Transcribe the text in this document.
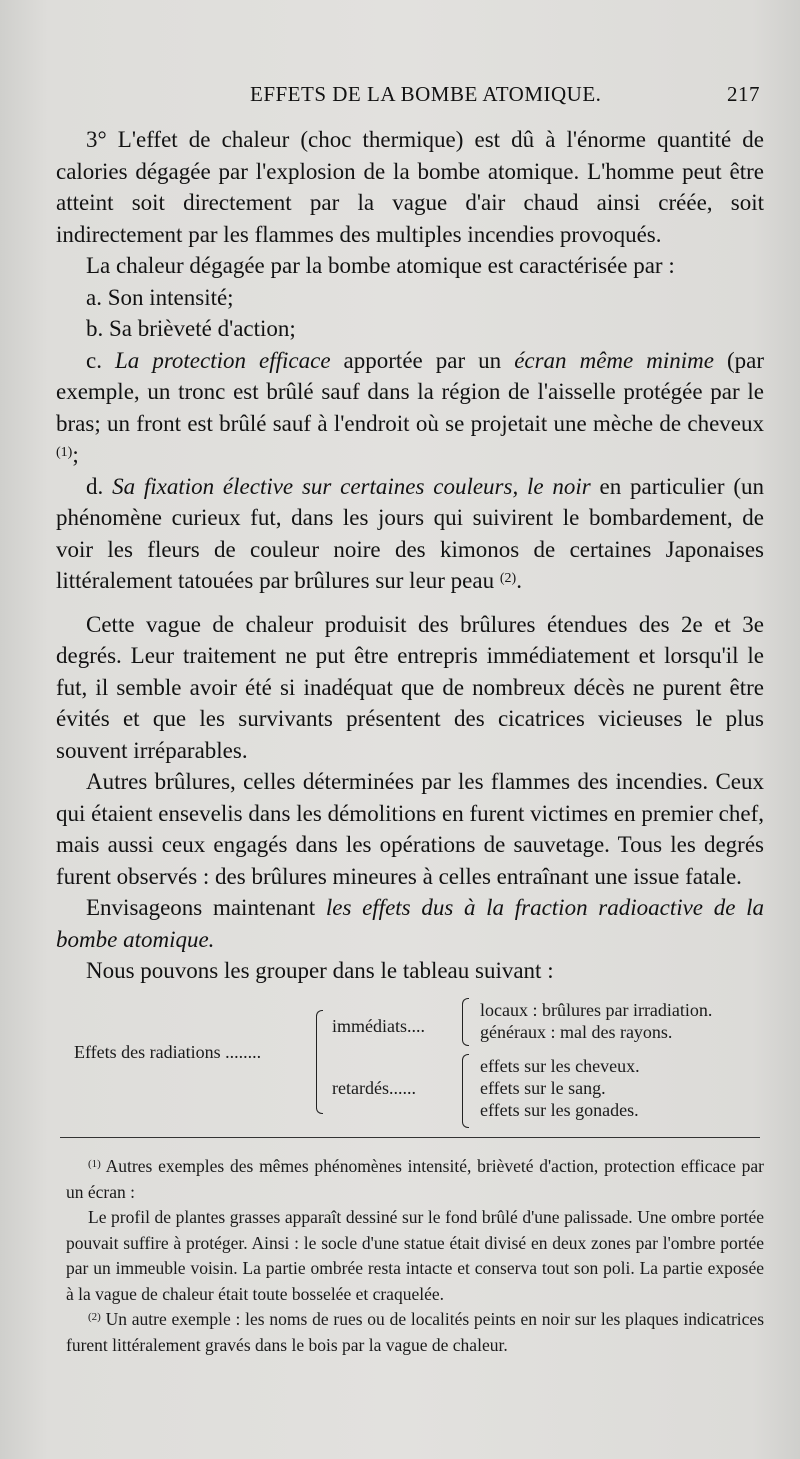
EFFETS DE LA BOMBE ATOMIQUE.	217

3° L'effet de chaleur (choc thermique) est dû à l'énorme quantité de calories dégagée par l'explosion de la bombe atomique. L'homme peut être atteint soit directement par la vague d'air chaud ainsi créée, soit indirectement par les flammes des multiples incendies provoqués.

La chaleur dégagée par la bombe atomique est caractérisée par :

a. Son intensité;

b. Sa brièveté d'action;

c. La protection efficace apportée par un écran même minime (par exemple, un tronc est brûlé sauf dans la région de l'aisselle protégée par le bras; un front est brûlé sauf à l'endroit où se projetait une mèche de cheveux $^{(1)}$;

d. Sa fixation élective sur certaines couleurs, le noir en particulier (un phénomène curieux fut, dans les jours qui suivirent le bombardement, de voir les fleurs de couleur noire des kimonos de certaines Japonaises littéralement tatouées par brûlures sur leur peau $^{(2)}$.

Cette vague de chaleur produisit des brûlures étendues des 2e et 3e degrés. Leur traitement ne put être entrepris immédiatement et lorsqu'il le fut, il semble avoir été si inadéquat que de nombreux décès ne purent être évités et que les survivants présentent des cicatrices vicieuses le plus souvent irréparables.

Autres brûlures, celles déterminées par les flammes des incendies. Ceux qui étaient ensevelis dans les démolitions en furent victimes en premier chef, mais aussi ceux engagés dans les opérations de sauvetage. Tous les degrés furent observés : des brûlures mineures à celles entraînant une issue fatale.

Envisageons maintenant les effets dus à la fraction radioactive de la bombe atomique.

Nous pouvons les grouper dans le tableau suivant :

Effets des radiations ........
immédiats....
retardés......
locaux : brûlures par irradiation.
généraux : mal des rayons.
effets sur les cheveux.
effets sur le sang.
effets sur les gonades.

$^{(1)}$ Autres exemples des mêmes phénomènes intensité, brièveté d'action, protection efficace par un écran :

Le profil de plantes grasses apparaît dessiné sur le fond brûlé d'une palissade. Une ombre portée pouvait suffire à protéger. Ainsi : le socle d'une statue était divisé en deux zones par l'ombre portée par un immeuble voisin. La partie ombrée resta intacte et conserva tout son poli. La partie exposée à la vague de chaleur était toute bosselée et craquelée.

$^{(2)}$ Un autre exemple : les noms de rues ou de localités peints en noir sur les plaques indicatrices furent littéralement gravés dans le bois par la vague de chaleur.
